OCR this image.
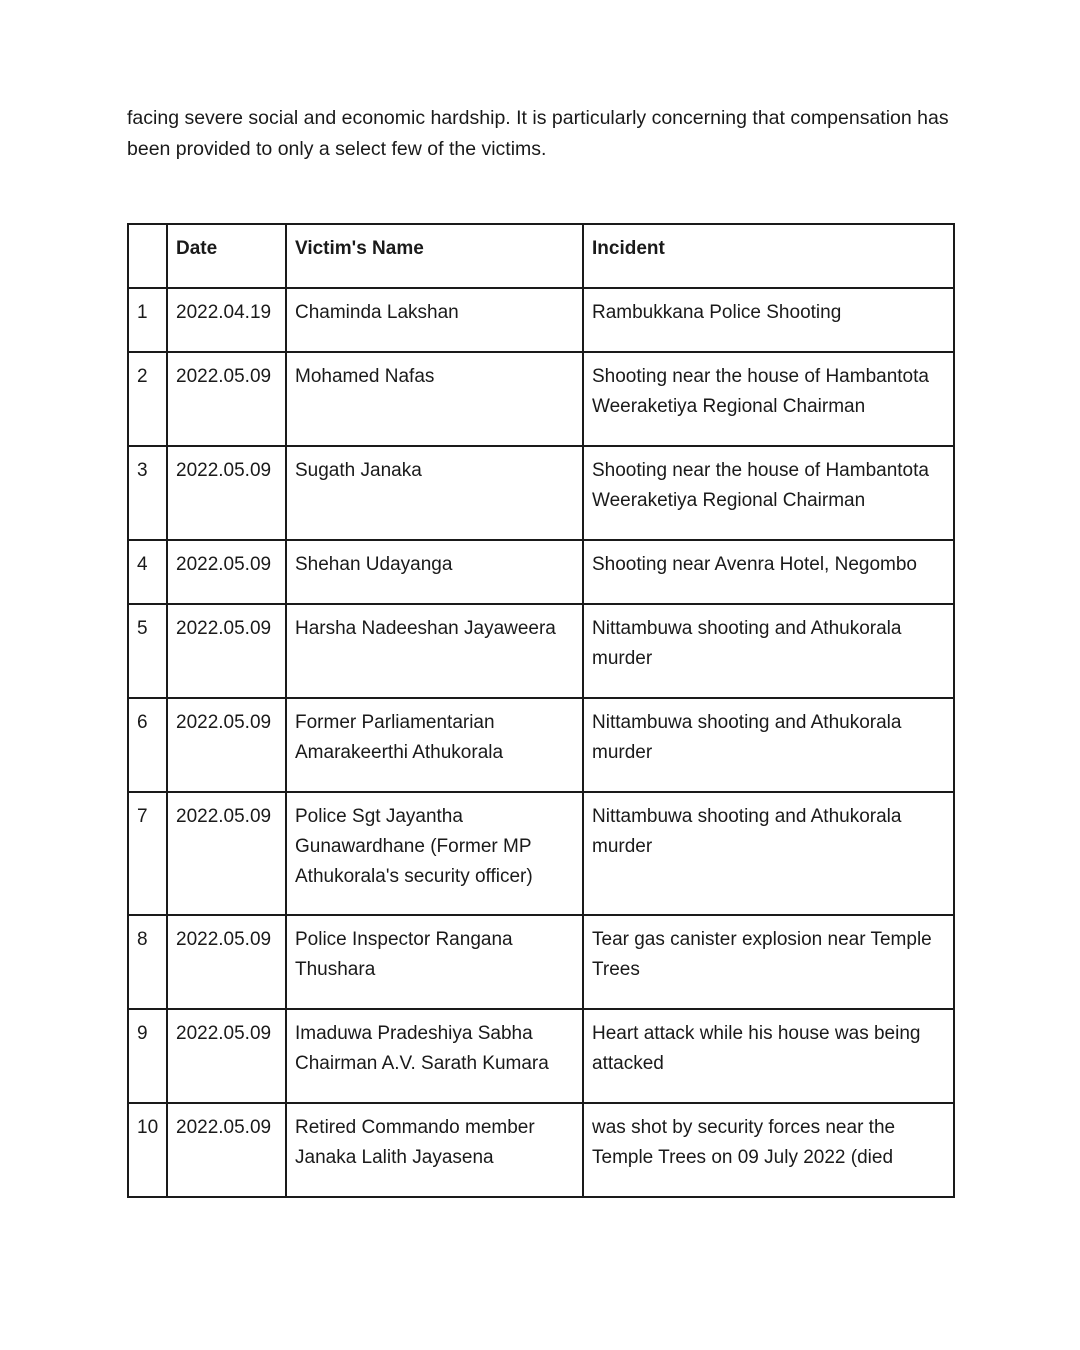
facing severe social and economic hardship. It is particularly concerning that compensation has been provided to only a select few of the victims.

	Date	Victim's Name	Incident
1	2022.04.19	Chaminda Lakshan	Rambukkana Police Shooting
2	2022.05.09	Mohamed Nafas	Shooting near the house of Hambantota Weeraketiya Regional Chairman
3	2022.05.09	Sugath Janaka	Shooting near the house of Hambantota Weeraketiya Regional Chairman
4	2022.05.09	Shehan Udayanga	Shooting near Avenra Hotel, Negombo
5	2022.05.09	Harsha Nadeeshan Jayaweera	Nittambuwa shooting and Athukorala murder
6	2022.05.09	Former Parliamentarian Amarakeerthi Athukorala	Nittambuwa shooting and Athukorala murder
7	2022.05.09	Police Sgt Jayantha Gunawardhane (Former MP Athukorala's security officer)	Nittambuwa shooting and Athukorala murder
8	2022.05.09	Police Inspector Rangana Thushara	Tear gas canister explosion near Temple Trees
9	2022.05.09	Imaduwa Pradeshiya Sabha Chairman A.V. Sarath Kumara	Heart attack while his house was being attacked
10	2022.05.09	Retired Commando member Janaka Lalith Jayasena	was shot by security forces near the Temple Trees on 09 July 2022 (died
